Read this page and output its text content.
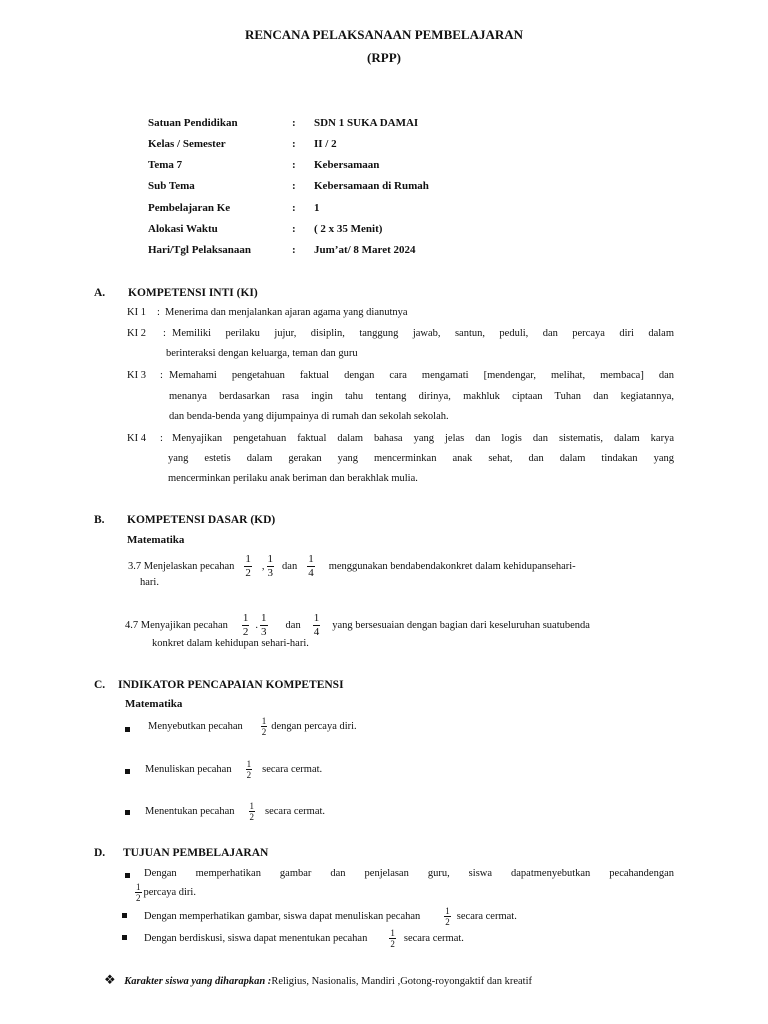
RENCANA PELAKSANAAN PEMBELAJARAN
(RPP)
Satuan Pendidikan	: SDN 1 SUKA DAMAI
Kelas / Semester	: II / 2
Tema 7	: Kebersamaan
Sub Tema	: Kebersamaan di Rumah
Pembelajaran Ke	: 1
Alokasi Waktu	: ( 2 x 35 Menit)
Hari/Tgl Pelaksanaan	: Jum’at/ 8 Maret 2024
A. KOMPETENSI INTI (KI)
KI 1 : Menerima dan menjalankan ajaran agama yang dianutnya
KI 2 : Memiliki perilaku jujur, disiplin, tanggung jawab, santun, peduli, dan percaya diri dalam
berinteraksi dengan keluarga, teman dan guru
KI 3 : Memahami pengetahuan faktual dengan cara mengamati [mendengar, melihat, membaca] dan
menanya berdasarkan rasa ingin tahu tentang dirinya, makhluk ciptaan Tuhan dan kegiatannya,
dan benda-benda yang dijumpainya di rumah dan sekolah sekolah.
KI 4 : Menyajikan pengetahuan faktual dalam bahasa yang jelas dan logis dan sistematis, dalam karya
yang estetis dalam gerakan yang mencerminkan anak sehat, dan dalam tindakan yang
mencerminkan perilaku anak beriman dan berakhlak mulia.
B. KOMPETENSI DASAR (KD)
Matematika
3.7 Menjelaskan pecahan $\frac{1}{2}$ , $\frac{1}{3}$ dan $\frac{1}{4}$ menggunakan bendabendakonkret dalam kehidupansehari-
hari.
4.7 Menyajikan pecahan $\frac{1}{2}$ . $\frac{1}{3}$ dan $\frac{1}{4}$ yang bersesuaian dengan bagian dari keseluruhan suatubenda
konkret dalam kehidupan sehari-hari.
C. INDIKATOR PENCAPAIAN KOMPETENSI
Matematika
Menyebutkan pecahan $\frac{1}{2}$ dengan percaya diri.
Menuliskan pecahan $\frac{1}{2}$ secara cermat.
Menentukan pecahan $\frac{1}{2}$ secara cermat.
D. TUJUAN PEMBELAJARAN
Dengan memperhatikan gambar dan penjelasan guru, siswa dapatmenyebutkan pecahandengan
$\frac{1}{2}$ percaya diri.
Dengan memperhatikan gambar, siswa dapat menuliskan pecahan	$\frac{1}{2}$ secara cermat.
Dengan berdiskusi, siswa dapat menentukan pecahan $\frac{1}{2}$ secara cermat.
❖ Karakter siswa yang diharapkan :Religius, Nasionalis, Mandiri ,Gotong-royongaktif dan kreatif
